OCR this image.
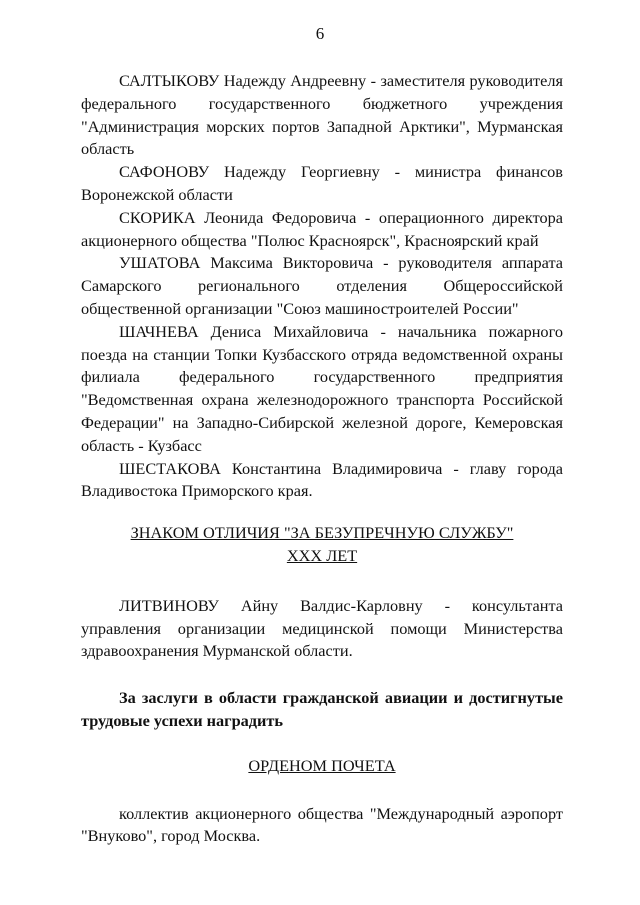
6

САЛТЫКОВУ Надежду Андреевну - заместителя руководителя федерального государственного бюджетного учреждения "Администрация морских портов Западной Арктики", Мурманская область

САФОНОВУ Надежду Георгиевну - министра финансов Воронежской области

СКОРИКА Леонида Федоровича - операционного директора акционерного общества "Полюс Красноярск", Красноярский край

УШАТОВА Максима Викторовича - руководителя аппарата Самарского регионального отделения Общероссийской общественной организации "Союз машиностроителей России"

ШАЧНЕВА Дениса Михайловича - начальника пожарного поезда на станции Топки Кузбасского отряда ведомственной охраны филиала федерального государственного предприятия "Ведомственная охрана железнодорожного транспорта Российской Федерации" на Западно-Сибирской железной дороге, Кемеровская область - Кузбасс

ШЕСТАКОВА Константина Владимировича - главу города Владивостока Приморского края.

ЗНАКОМ ОТЛИЧИЯ "ЗА БЕЗУПРЕЧНУЮ СЛУЖБУ"

XXX ЛЕТ

ЛИТВИНОВУ Айну Валдис-Карловну - консультанта управления организации медицинской помощи Министерства здравоохранения Мурманской области.

За заслуги в области гражданской авиации и достигнутые трудовые успехи наградить

ОРДЕНОМ ПОЧЕТА

коллектив акционерного общества "Международный аэропорт "Внуково", город Москва.
